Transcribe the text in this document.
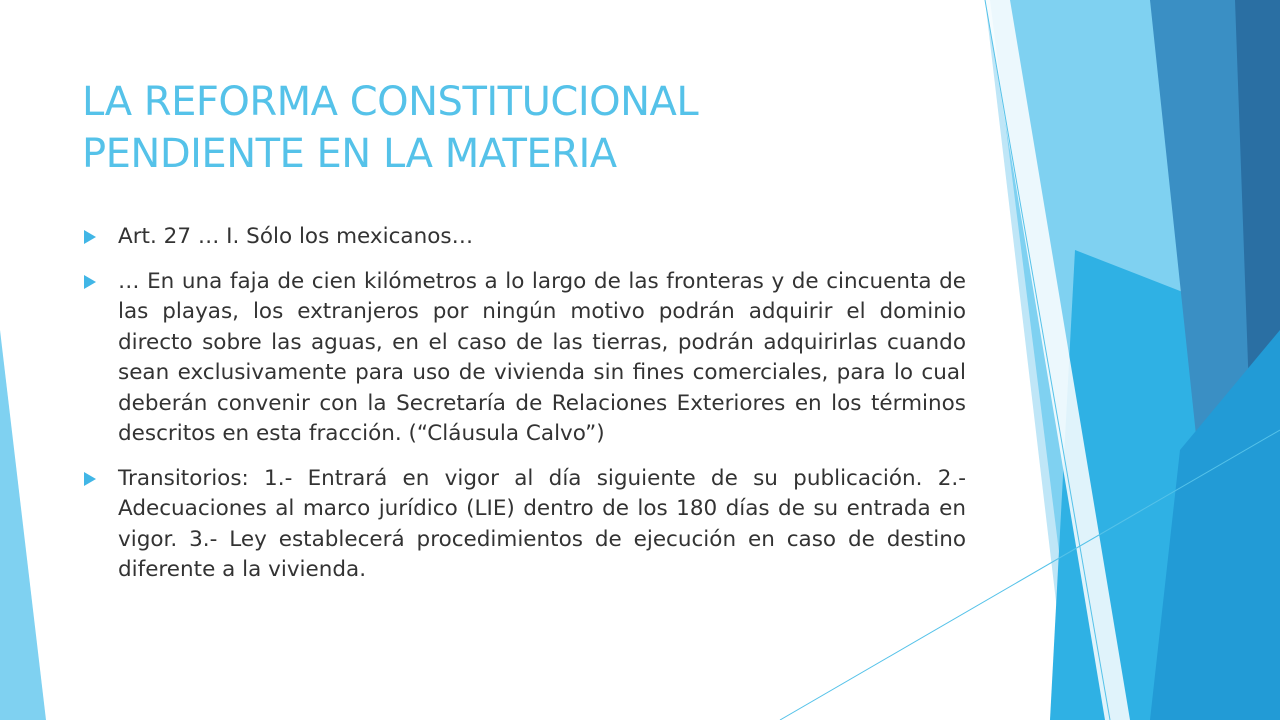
LA REFORMA CONSTITUCIONAL
PENDIENTE EN LA MATERIA
Art. 27 … I. Sólo los mexicanos…
… En una faja de cien kilómetros a lo largo de las fronteras y de cincuenta de las playas, los extranjeros por ningún motivo podrán adquirir el dominio directo sobre las aguas, en el caso de las tierras, podrán adquirirlas cuando sean exclusivamente para uso de vivienda sin fines comerciales, para lo cual deberán convenir con la Secretaría de Relaciones Exteriores en los términos descritos en esta fracción. (“Cláusula Calvo”)
Transitorios: 1.- Entrará en vigor al día siguiente de su publicación. 2.- Adecuaciones al marco jurídico (LIE) dentro de los 180 días de su entrada en vigor. 3.- Ley establecerá procedimientos de ejecución en caso de destino diferente a la vivienda.
